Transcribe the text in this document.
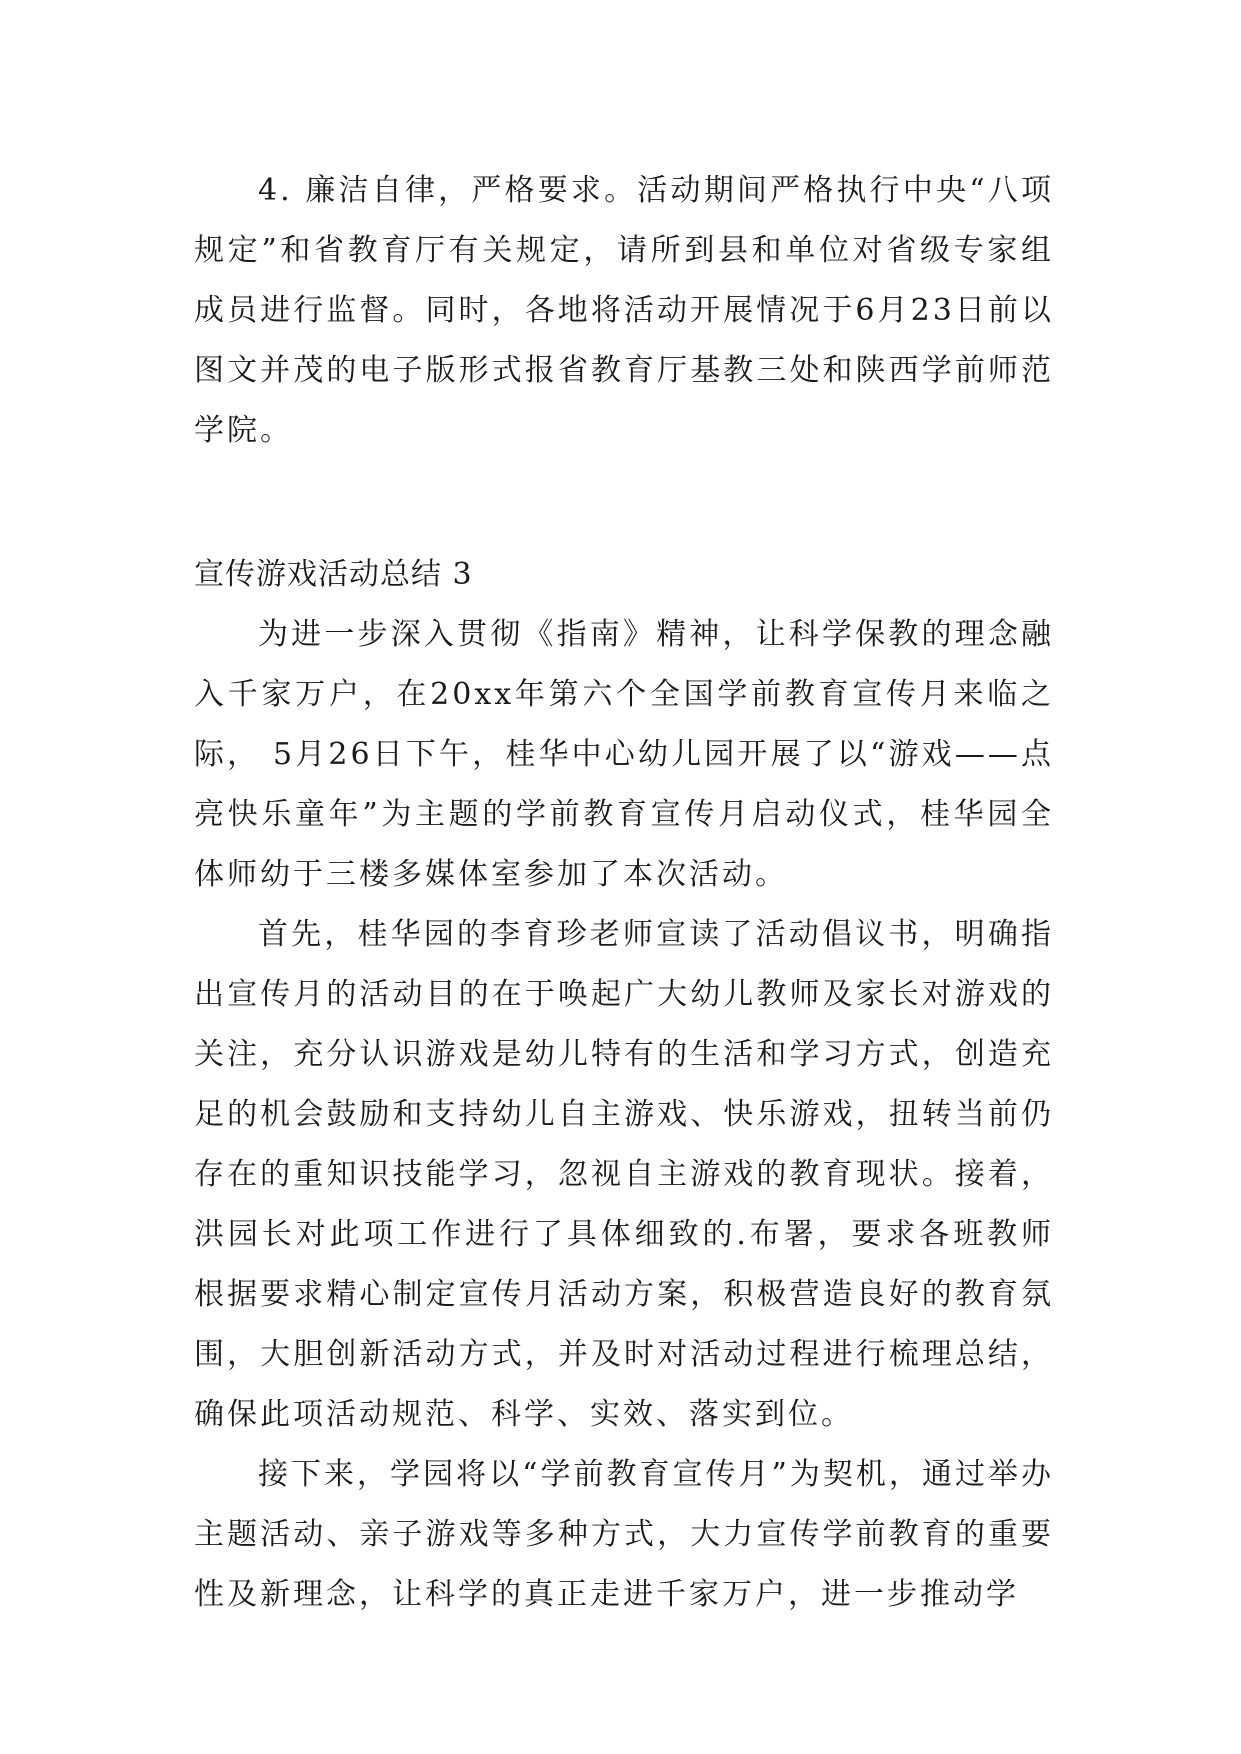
4. 廉洁自律，严格要求。活动期间严格执行中央“八项规定”和省教育厅有关规定，请所到县和单位对省级专家组成员进行监督。同时，各地将活动开展情况于6月23日前以图文并茂的电子版形式报省教育厅基教三处和陕西学前师范学院。

宣传游戏活动总结 3

为进一步深入贯彻《指南》精神，让科学保教的理念融入千家万户，在20xx年第六个全国学前教育宣传月来临之际， 5月26日下午，桂华中心幼儿园开展了以“游戏——点亮快乐童年”为主题的学前教育宣传月启动仪式，桂华园全体师幼于三楼多媒体室参加了本次活动。

首先，桂华园的李育珍老师宣读了活动倡议书，明确指出宣传月的活动目的在于唤起广大幼儿教师及家长对游戏的关注，充分认识游戏是幼儿特有的生活和学习方式，创造充足的机会鼓励和支持幼儿自主游戏、快乐游戏，扭转当前仍存在的重知识技能学习，忽视自主游戏的教育现状。接着，洪园长对此项工作进行了具体细致的.布署，要求各班教师根据要求精心制定宣传月活动方案，积极营造良好的教育氛围，大胆创新活动方式，并及时对活动过程进行梳理总结，确保此项活动规范、科学、实效、落实到位。

接下来，学园将以“学前教育宣传月”为契机，通过举办主题活动、亲子游戏等多种方式，大力宣传学前教育的重要性及新理念，让科学的真正走进千家万户，进一步推动学
